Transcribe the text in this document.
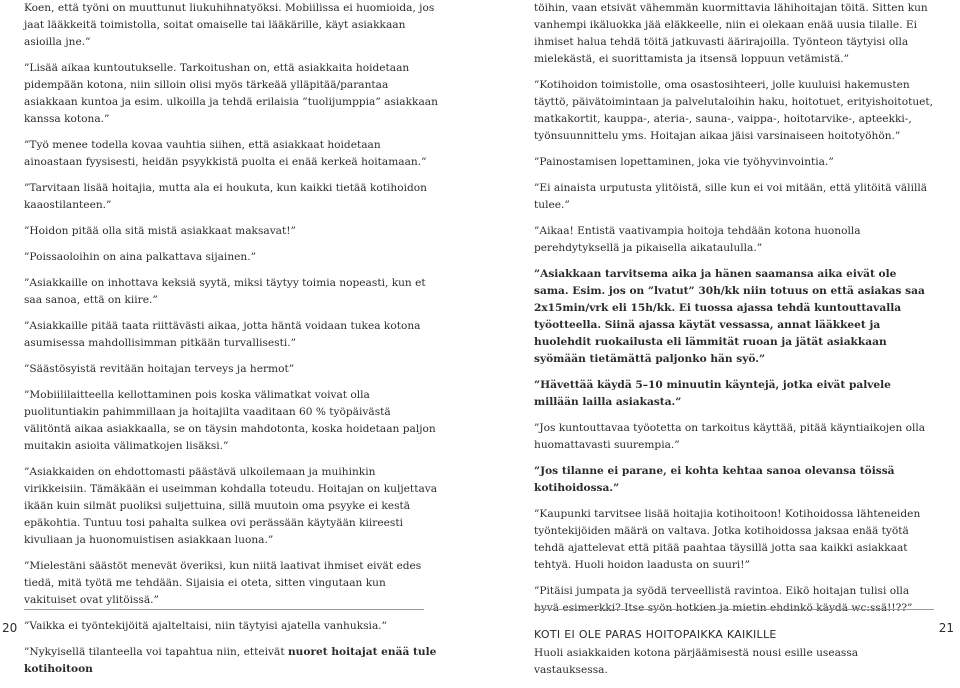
Koen, että työni on muuttunut liukuhihnatyöksi. Mobiilissa ei huomioida, jos jaat lääkkeitä toimistolla, soitat omaiselle tai lääkärille, käyt asiakkaan asioilla jne.”

”Lisää aikaa kuntoutukselle. Tarkoitushan on, että asiakkaita hoidetaan pidempään kotona, niin silloin olisi myös tärkeää ylläpitää/parantaa asiakkaan kuntoa ja esim. ulkoilla ja tehdä erilaisia ”tuolijumppia” asiakkaan kanssa kotona.”

”Työ menee todella kovaa vauhtia siihen, että asiakkaat hoidetaan ainoastaan fyysisesti, heidän psyykkistä puolta ei enää kerkeä hoitamaan.”

”Tarvitaan lisää hoitajia, mutta ala ei houkuta, kun kaikki tietää kotihoidon kaaostilanteen.”

”Hoidon pitää olla sitä mistä asiakkaat maksavat!”

”Poissaoloihin on aina palkattava sijainen.”

”Asiakkaille on inhottava keksiä syytä, miksi täytyy toimia nopeasti, kun et saa sanoa, että on kiire.”

”Asiakkaille pitää taata riittävästi aikaa, jotta häntä voidaan tukea kotona asumisessa mahdollisimman pitkään turvallisesti.”

”Säästösyistä revitään hoitajan terveys ja hermot”

”Mobiililaitteella kellottaminen pois koska välimatkat voivat olla puolituntiakin pahimmillaan ja hoitajilta vaaditaan 60 % työpäivästä välitöntä aikaa asiakkaalla, se on täysin mahdotonta, koska hoidetaan paljon muitakin asioita välimatkojen lisäksi.”

”Asiakkaiden on ehdottomasti päästävä ulkoilemaan ja muihinkin virikkeisiin. Tämäkään ei useimman kohdalla toteudu. Hoitajan on kuljettava ikään kuin silmät puoliksi suljettuina, sillä muutoin oma psyyke ei kestä epäkohtia. Tuntuu tosi pahalta sulkea ovi perässään käytyään kiireesti kivuliaan ja huonomuistisen asiakkaan luona.”

”Mielestäni säästöt menevät överiksi, kun niitä laativat ihmiset eivät edes tiedä, mitä työtä me tehdään. Sijaisia ei oteta, sitten vingutaan kun vakituiset ovat ylitöissä.”

”Vaikka ei työntekijöitä ajalteltaisi, niin täytyisi ajatella vanhuksia.”

”Nykyisellä tilanteella voi tapahtua niin, etteivät nuoret hoitajat enää tule kotihoitoon

20

töihin, vaan etsivät vähemmän kuormittavia lähihoitajan töitä. Sitten kun vanhempi ikäluokka jää eläkkeelle, niin ei olekaan enää uusia tilalle. Ei ihmiset halua tehdä töitä jatkuvasti äärirajoilla. Työnteon täytyisi olla mielekästä, ei suorittamista ja itsensä loppuun vetämistä.”

”Kotihoidon toimistolle, oma osastosihteeri, jolle kuuluisi hakemusten täyttö, päivätoimintaan ja palvelutaloihin haku, hoitotuet, erityishoitotuet, matkakortit, kauppa-, ateria-, sauna-, vaippa-, hoitotarvike-, apteekki-, työnsuunnittelu yms. Hoitajan aikaa jäisi varsinaiseen hoitotyöhön.”

”Painostamisen lopettaminen, joka vie työhyvinvointia.”

”Ei ainaista urputusta ylitöistä, sille kun ei voi mitään, että ylitöitä välillä tulee.”

”Aikaa! Entistä vaativampia hoitoja tehdään kotona huonolla perehdytyksellä ja pikaisella aikataululla.”

”Asiakkaan tarvitsema aika ja hänen saamansa aika eivät ole sama. Esim. jos on ”lvatut” 30h/kk niin totuus on että asiakas saa 2x15min/vrk eli 15h/kk. Ei tuossa ajassa tehdä kuntouttavalla työotteella. Siinä ajassa käytät vessassa, annat lääkkeet ja huolehdit ruokailusta eli lämmität ruoan ja jätät asiakkaan syömään tietämättä paljonko hän syö.”

”Hävettää käydä 5–10 minuutin käyntejä, jotka eivät palvele millään lailla asiakasta.”

”Jos kuntouttavaa työotetta on tarkoitus käyttää, pitää käyntiaikojen olla huomattavasti suurempia.”

”Jos tilanne ei parane, ei kohta kehtaa sanoa olevansa töissä kotihoidossa.”

”Kaupunki tarvitsee lisää hoitajia kotihoitoon! Kotihoidossa lähteneiden työntekijöiden määrä on valtava. Jotka kotihoidossa jaksaa enää työtä tehdä ajattelevat että pitää paahtaa täysillä jotta saa kaikki asiakkaat tehtyä. Huoli hoidon laadusta on suuri!”

”Pitäisi jumpata ja syödä terveellistä ravintoa. Eikö hoitajan tulisi olla hyvä esimerkki? Itse syön hotkien ja mietin ehdinkö käydä wc:ssä!!??”

KOTI EI OLE PARAS HOITOPAIKKA KAIKILLE

Huoli asiakkaiden kotona pärjäämisestä nousi esille useassa vastauksessa.

21
